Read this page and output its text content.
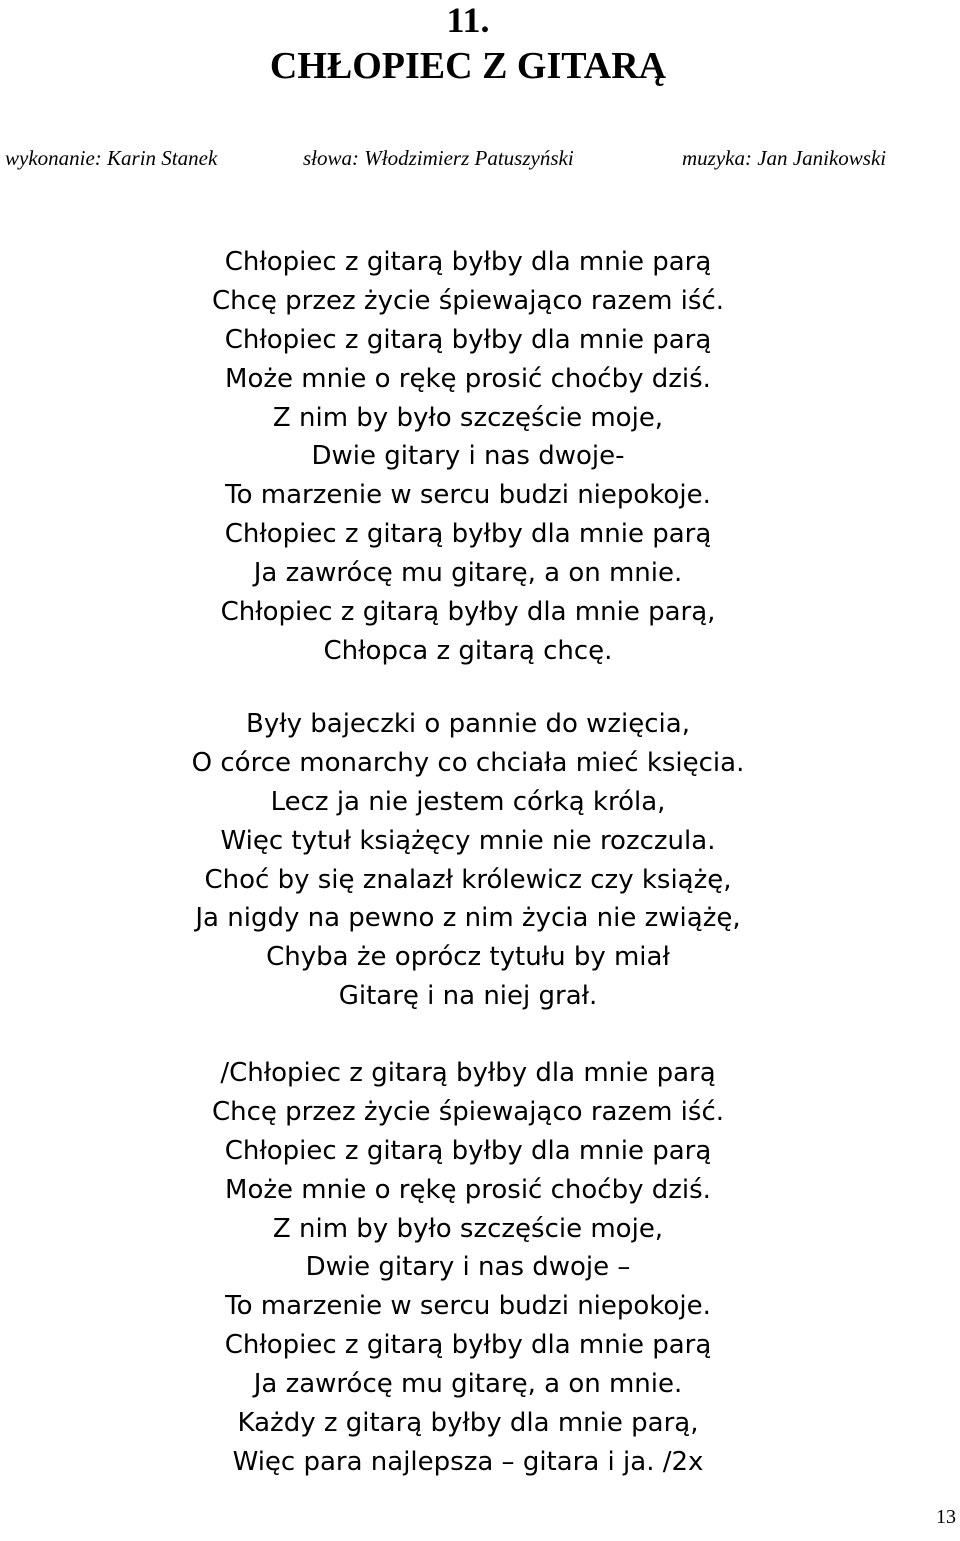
11.
CHŁOPIEC Z GITARĄ
wykonanie: Karin Stanek	słowa: Włodzimierz Patuszyński	muzyka: Jan Janikowski
Chłopiec z gitarą byłby dla mnie parą
Chcę przez życie śpiewająco razem iść.
Chłopiec z gitarą byłby dla mnie parą
Może mnie o rękę prosić choćby dziś.
Z nim by było szczęście moje,
Dwie gitary i nas dwoje-
To marzenie w sercu budzi niepokoje.
Chłopiec z gitarą byłby dla mnie parą
Ja zawrócę mu gitarę, a on mnie.
Chłopiec z gitarą byłby dla mnie parą,
Chłopca z gitarą chcę.
Były bajeczki o pannie do wzięcia,
O córce monarchy co chciała mieć księcia.
Lecz ja nie jestem córką króla,
Więc tytuł książęcy mnie nie rozczula.
Choć by się znalazł królewicz czy książę,
Ja nigdy na pewno z nim życia nie zwiążę,
Chyba że oprócz tytułu by miał
Gitarę i na niej grał.
/Chłopiec z gitarą byłby dla mnie parą
Chcę przez życie śpiewająco razem iść.
Chłopiec z gitarą byłby dla mnie parą
Może mnie o rękę prosić choćby dziś.
Z nim by było szczęście moje,
Dwie gitary i nas dwoje –
To marzenie w sercu budzi niepokoje.
Chłopiec z gitarą byłby dla mnie parą
Ja zawrócę mu gitarę, a on mnie.
Każdy z gitarą byłby dla mnie parą,
Więc para najlepsza – gitara i ja. /2x
13
